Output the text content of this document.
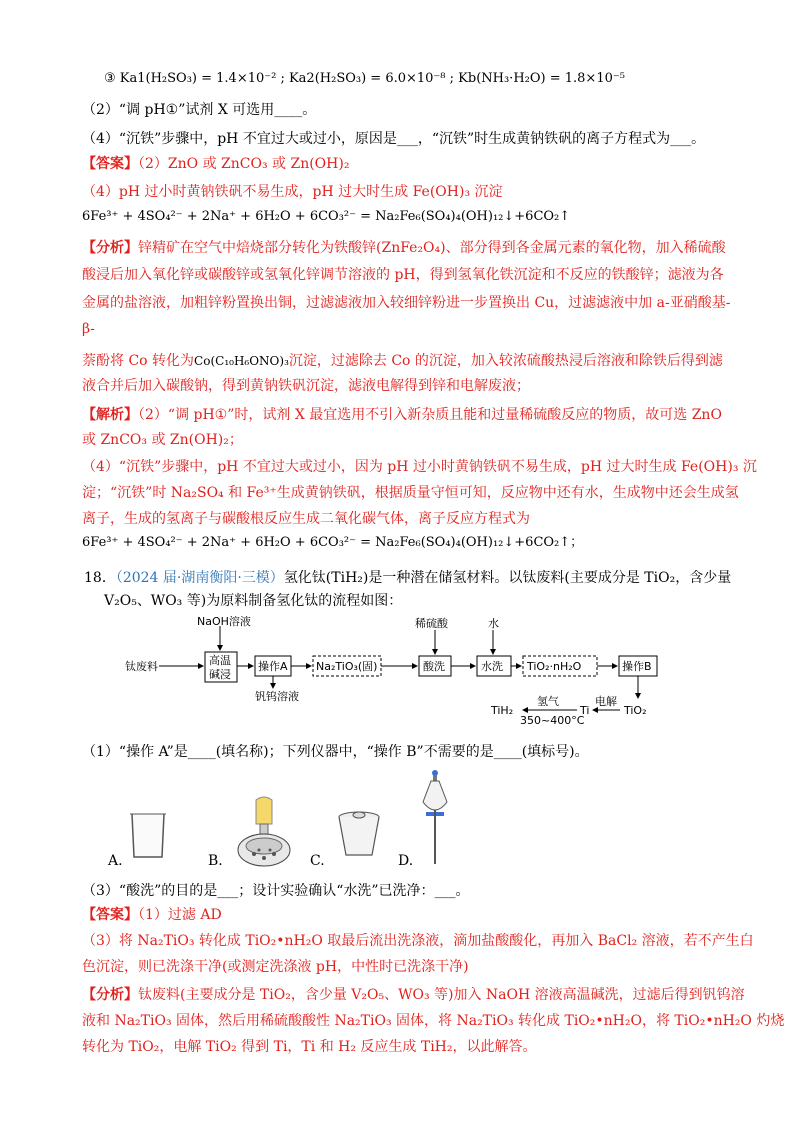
③ Ka1(H₂SO₃) = 1.4×10⁻² ; Ka2(H₂SO₃) = 6.0×10⁻⁸ ; Kb(NH₃·H₂O) = 1.8×10⁻⁵
（2）“调 pH①”试剂 X 可选用____。
（4）“沉铁”步骤中，pH 不宜过大或过小，原因是___，“沉铁”时生成黄钠铁矾的离子方程式为___。
【答案】（2）ZnO 或 ZnCO₃ 或 Zn(OH)₂
（4）pH 过小时黄钠铁矾不易生成，pH 过大时生成 Fe(OH)₃ 沉淀
6Fe³⁺ + 4SO₄²⁻ + 2Na⁺ + 6H₂O + 6CO₃²⁻ = Na₂Fe₆(SO₄)₄(OH)₁₂↓+6CO₂↑
【分析】锌精矿在空气中焙烧部分转化为铁酸锌(ZnFe₂O₄)、部分得到各金属元素的氧化物，加入稀硫酸
酸浸后加入氧化锌或碳酸锌或氢氧化锌调节溶液的 pH，得到氢氧化铁沉淀和不反应的铁酸锌；滤液为各
金属的盐溶液，加粗锌粉置换出铜，过滤滤液加入较细锌粉进一步置换出 Cu，过滤滤液中加 a-亚硝酸基-
β-
萘酚将 Co 转化为Co(C₁₀H₆ONO)₃沉淀，过滤除去 Co 的沉淀，加入较浓硫酸热浸后溶液和除铁后得到滤
液合并后加入碳酸钠，得到黄钠铁矾沉淀，滤液电解得到锌和电解废液；
【解析】（2）“调 pH①”时，试剂 X 最宜选用不引入新杂质且能和过量稀硫酸反应的物质，故可选 ZnO
或 ZnCO₃ 或 Zn(OH)₂；
（4）“沉铁”步骤中，pH 不宜过大或过小，因为 pH 过小时黄钠铁矾不易生成，pH 过大时生成 Fe(OH)₃ 沉
淀；“沉铁”时 Na₂SO₄ 和 Fe³⁺生成黄钠铁矾，根据质量守恒可知，反应物中还有水，生成物中还会生成氢
离子，生成的氢离子与碳酸根反应生成二氧化碳气体，离子反应方程式为
6Fe³⁺ + 4SO₄²⁻ + 2Na⁺ + 6H₂O + 6CO₃²⁻ = Na₂Fe₆(SO₄)₄(OH)₁₂↓+6CO₂↑；
18．（2024 届·湖南衡阳·三模）氢化钛(TiH₂)是一种潜在储氢材料。以钛废料(主要成分是 TiO₂，含少量
V₂O₅、WO₃ 等)为原料制备氢化钛的流程如图：
NaOH溶液
钛废料	高温
碱浸
操作A
钒钨溶液
Na₂TiO₃(固)
稀硫酸
酸洗
水
水洗 TiO₂·nH₂O	操作B
TiO₂
电解
Ti
氢气
350~400°C
TiH₂
（1）“操作 A”是____(填名称)；下列仪器中，“操作 B”不需要的是____(填标号)。
A.	B.	C.	D.
（3）“酸洗”的目的是___；设计实验确认“水洗”已洗净：___。
【答案】（1）过滤 AD
（3）将 Na₂TiO₃ 转化成 TiO₂•nH₂O 取最后流出洗涤液，滴加盐酸酸化，再加入 BaCl₂ 溶液，若不产生白
色沉淀，则已洗涤干净(或测定洗涤液 pH，中性时已洗涤干净)
【分析】钛废料(主要成分是 TiO₂，含少量 V₂O₅、WO₃ 等)加入 NaOH 溶液高温碱洗，过滤后得到钒钨溶
液和 Na₂TiO₃ 固体，然后用稀硫酸酸性 Na₂TiO₃ 固体，将 Na₂TiO₃ 转化成 TiO₂•nH₂O，将 TiO₂•nH₂O 灼烧
转化为 TiO₂，电解 TiO₂ 得到 Ti，Ti 和 H₂ 反应生成 TiH₂，以此解答。
